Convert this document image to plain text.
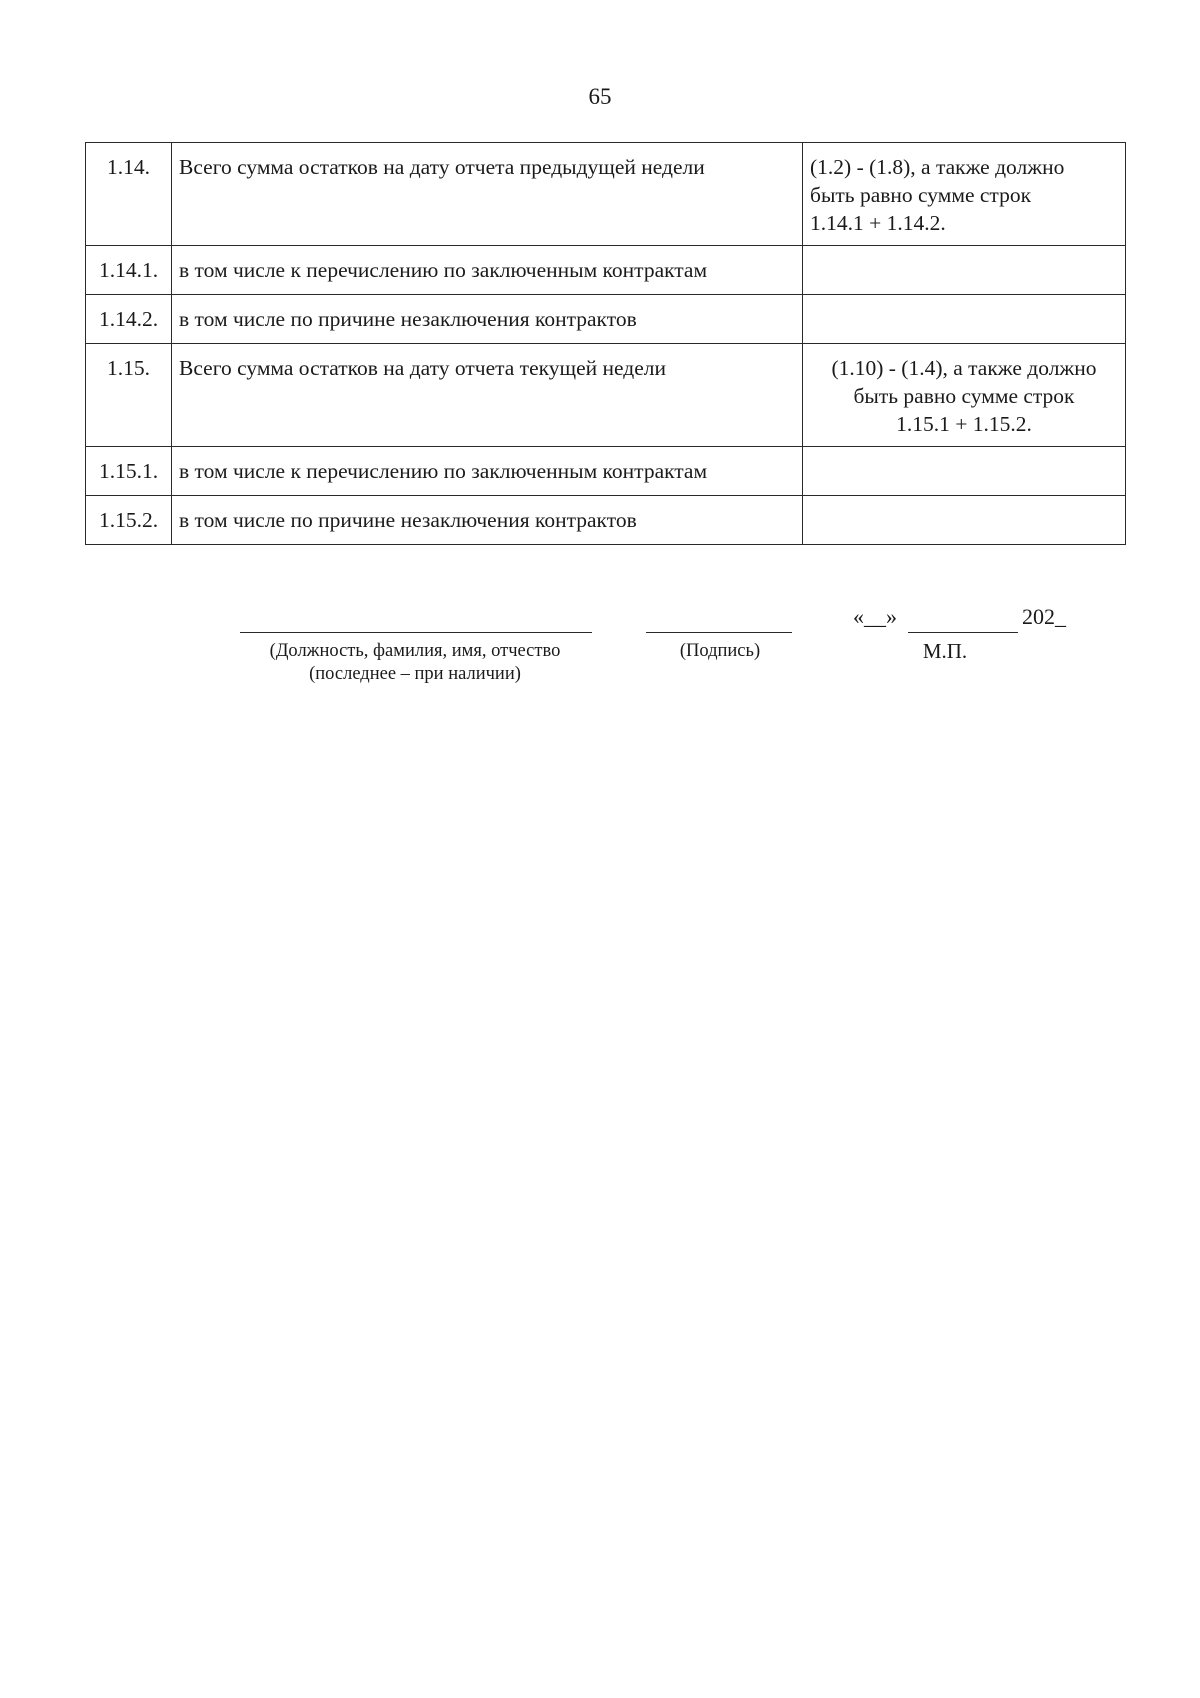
65
1.14.	Всего сумма остатков на дату отчета предыдущей недели	(1.2) - (1.8), а также должно
быть равно сумме строк
1.14.1 + 1.14.2.

1.14.1.	в том числе к перечислению по заключенным контрактам	
1.14.2.	в том числе по причине незаключения контрактов	
1.15.	Всего сумма остатков на дату отчета текущей недели	(1.10) - (1.4), а также должно
быть равно сумме строк
1.15.1 + 1.15.2.

1.15.1.	в том числе к перечислению по заключенным контрактам	
1.15.2.	в том числе по причине незаключения контрактов	
(Должность, фамилия, имя, отчество
(последнее – при наличии)
(Подпись)
«__»	202_
М.П.
